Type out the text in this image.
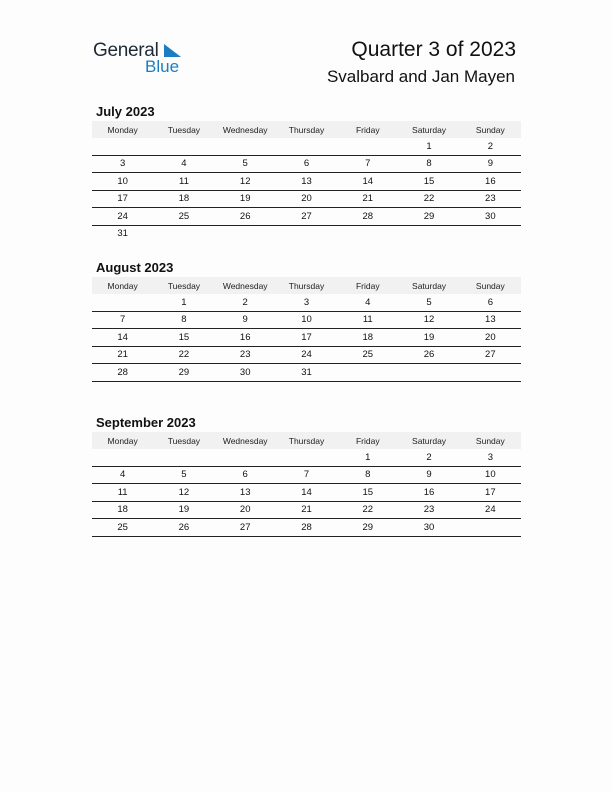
General
Blue
Quarter 3 of 2023
Svalbard and Jan Mayen
July 2023
Monday	Tuesday	Wednesday	Thursday	Friday	Saturday	Sunday
					1	2
3	4	5	6	7	8	9
10	11	12	13	14	15	16
17	18	19	20	21	22	23
24	25	26	27	28	29	30
31						
August 2023
Monday	Tuesday	Wednesday	Thursday	Friday	Saturday	Sunday
	1	2	3	4	5	6
7	8	9	10	11	12	13
14	15	16	17	18	19	20
21	22	23	24	25	26	27
28	29	30	31			
September 2023
Monday	Tuesday	Wednesday	Thursday	Friday	Saturday	Sunday
				1	2	3
4	5	6	7	8	9	10
11	12	13	14	15	16	17
18	19	20	21	22	23	24
25	26	27	28	29	30	
